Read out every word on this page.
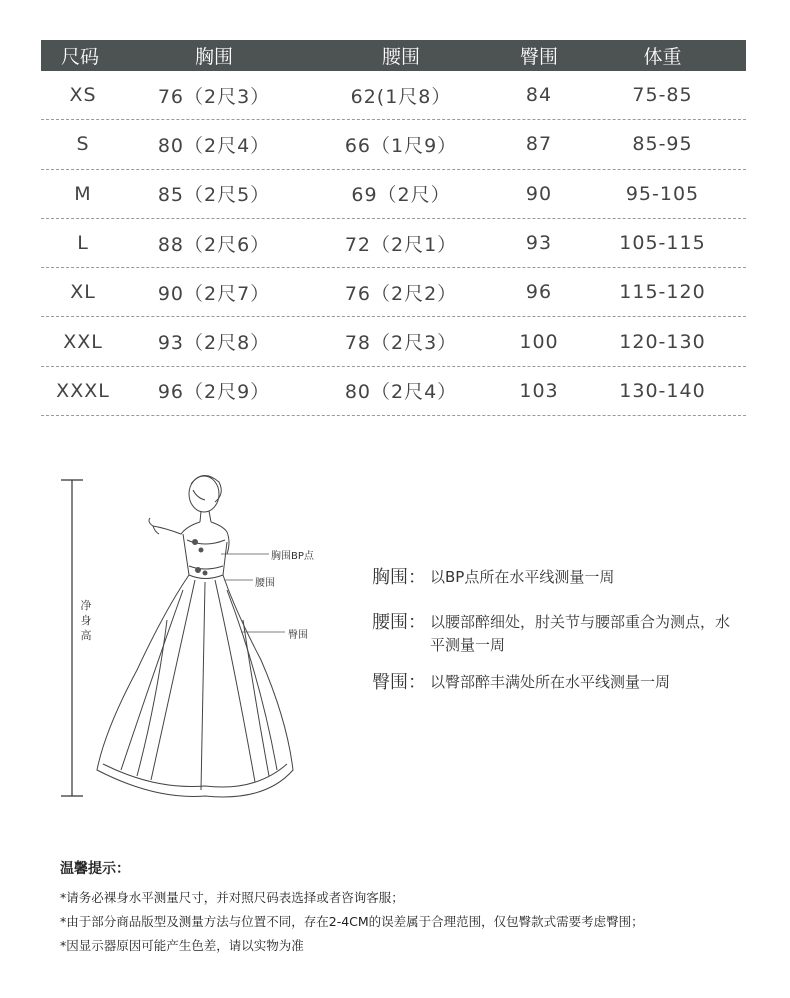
尺码	胸围	腰围	臀围	体重
XS	76（2尺3）	62(1尺8）	84	75-85
S	80（2尺4）	66（1尺9）	87	85-95
M	85（2尺5）	69（2尺）	90	95-105
L	88（2尺6）	72（2尺1）	93	105-115
XL	90（2尺7）	76（2尺2）	96	115-120
XXL	93（2尺8）	78（2尺3）	100	120-130
XXXL	96（2尺9）	80（2尺4）	103	130-140
净身高
胸围BP点
腰围
臀围
胸围： 以BP点所在水平线测量一周
腰围： 以腰部醉细处，肘关节与腰部重合为测点，水平测量一周
臀围： 以臀部醉丰满处所在水平线测量一周
温馨提示：
*请务必裸身水平测量尺寸，并对照尺码表选择或者咨询客服；
*由于部分商品版型及测量方法与位置不同，存在2-4CM的误差属于合理范围，仅包臀款式需要考虑臀围；
*因显示器原因可能产生色差，请以实物为准
